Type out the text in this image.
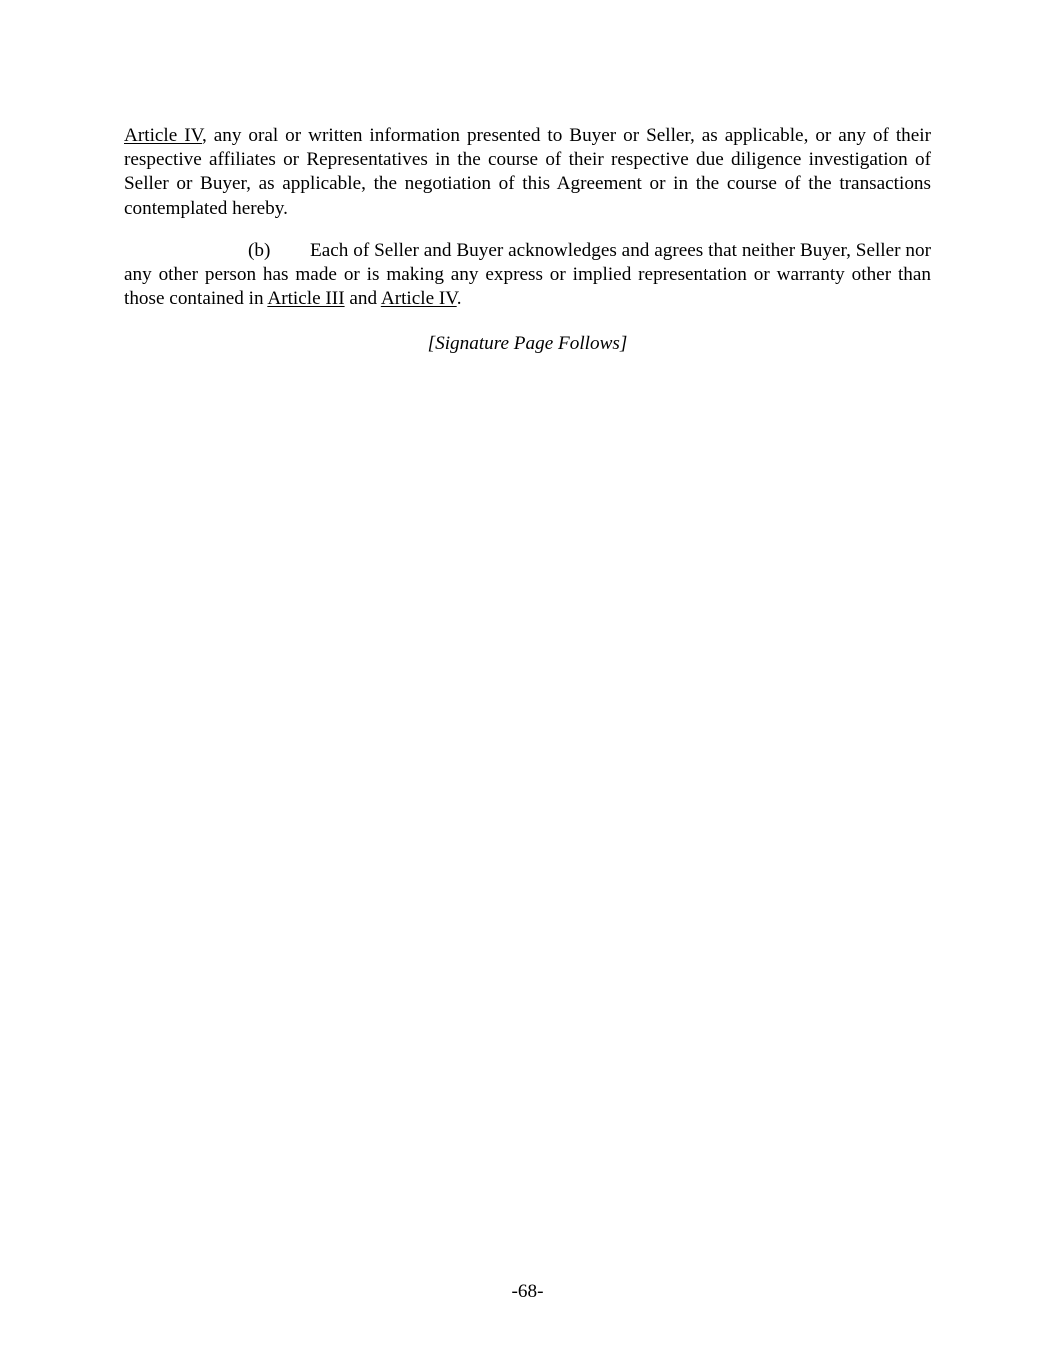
Article IV, any oral or written information presented to Buyer or Seller, as applicable, or any of their respective affiliates or Representatives in the course of their respective due diligence investigation of Seller or Buyer, as applicable, the negotiation of this Agreement or in the course of the transactions contemplated hereby.

(b) Each of Seller and Buyer acknowledges and agrees that neither Buyer, Seller nor any other person has made or is making any express or implied representation or warranty other than those contained in Article III and Article IV.

[Signature Page Follows]

-68-
